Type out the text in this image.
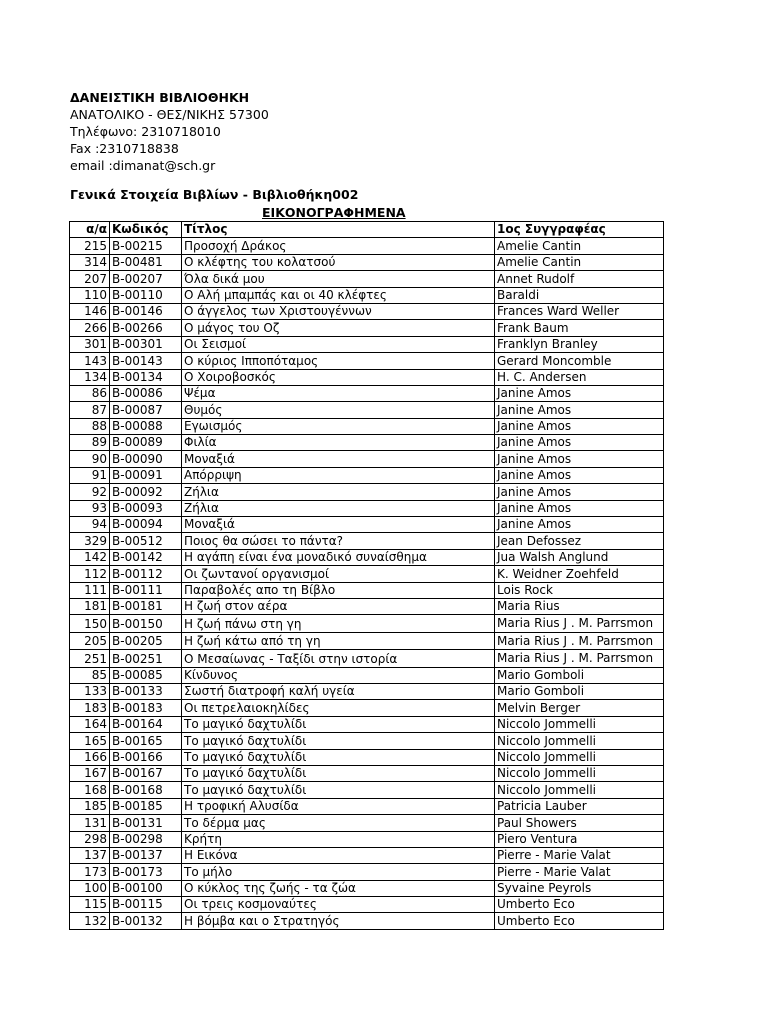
ΔΑΝΕΙΣΤΙΚΗ ΒΙΒΛΙΟΘΗΚΗ
ΑΝΑΤΟΛΙΚΟ - ΘΕΣ/ΝΙΚΗΣ 57300
Τηλέφωνο: 2310718010
Fax :2310718838
email :dimanat@sch.gr
Γενικά Στοιχεία Βιβλίων - Βιβλιοθήκη002
ΕΙΚΟΝΟΓΡΑΦΗΜΕΝΑ
α/α	Κωδικός	Τίτλος	1ος Συγγραφέας
215	B-00215	Προσοχή Δράκος	Amelie Cantin
314	B-00481	Ο κλέφτης του κολατσού	Amelie Cantin
207	B-00207	Όλα δικά μου	Annet Rudolf
110	B-00110	Ο Αλή μπαμπάς και οι 40 κλέφτες	Baraldi
146	B-00146	Ο άγγελος των Χριστουγέννων	Frances Ward Weller
266	B-00266	Ο μάγος του Οζ	Frank Baum
301	B-00301	Οι Σεισμοί	Franklyn Branley
143	B-00143	Ο κύριος Ιπποπόταμος	Gerard Moncomble
134	B-00134	Ο Χοιροβοσκός	H. C. Andersen
86	B-00086	Ψέμα	Janine Amos
87	B-00087	Θυμός	Janine Amos
88	B-00088	Εγωισμός	Janine Amos
89	B-00089	Φιλία	Janine Amos
90	B-00090	Μοναξιά	Janine Amos
91	B-00091	Απόρριψη	Janine Amos
92	B-00092	Ζήλια	Janine Amos
93	B-00093	Ζήλια	Janine Amos
94	B-00094	Μοναξιά	Janine Amos
329	B-00512	Ποιος θα σώσει το πάντα?	Jean Defossez
142	B-00142	Η αγάπη είναι ένα μοναδικό συναίσθημα	Jua Walsh Anglund
112	B-00112	Οι ζωντανοί οργανισμοί	K. Weidner Zoehfeld
111	B-00111	Παραβολές απο τη Βίβλο	Lois Rock
181	B-00181	Η ζωή στον αέρα	Maria Rius
150	B-00150	Η ζωή πάνω στη γη	Maria Rius J . M. Parrsmon
205	B-00205	Η ζωή κάτω από τη γη	Maria Rius J . M. Parrsmon
251	B-00251	Ο Μεσαίωνας - Ταξίδι στην ιστορία	Maria Rius J . M. Parrsmon
85	B-00085	Κίνδυνος	Mario Gomboli
133	B-00133	Σωστή διατροφή καλή υγεία	Mario Gomboli
183	B-00183	Οι πετρελαιοκηλίδες	Melvin Berger
164	B-00164	Το μαγικό δαχτυλίδι	Niccolo Jommelli
165	B-00165	Το μαγικό δαχτυλίδι	Niccolo Jommelli
166	B-00166	Το μαγικό δαχτυλίδι	Niccolo Jommelli
167	B-00167	Το μαγικό δαχτυλίδι	Niccolo Jommelli
168	B-00168	Το μαγικό δαχτυλίδι	Niccolo Jommelli
185	B-00185	Η τροφική Αλυσίδα	Patricia Lauber
131	B-00131	Το δέρμα μας	Paul Showers
298	B-00298	Κρήτη	Piero Ventura
137	B-00137	Η Εικόνα	Pierre - Marie Valat
173	B-00173	Το μήλο	Pierre - Marie Valat
100	B-00100	Ο κύκλος της ζωής - τα ζώα	Syvaine Peyrols
115	B-00115	Οι τρεις κοσμοναύτες	Umberto Eco
132	B-00132	Η βόμβα και ο Στρατηγός	Umberto Eco
